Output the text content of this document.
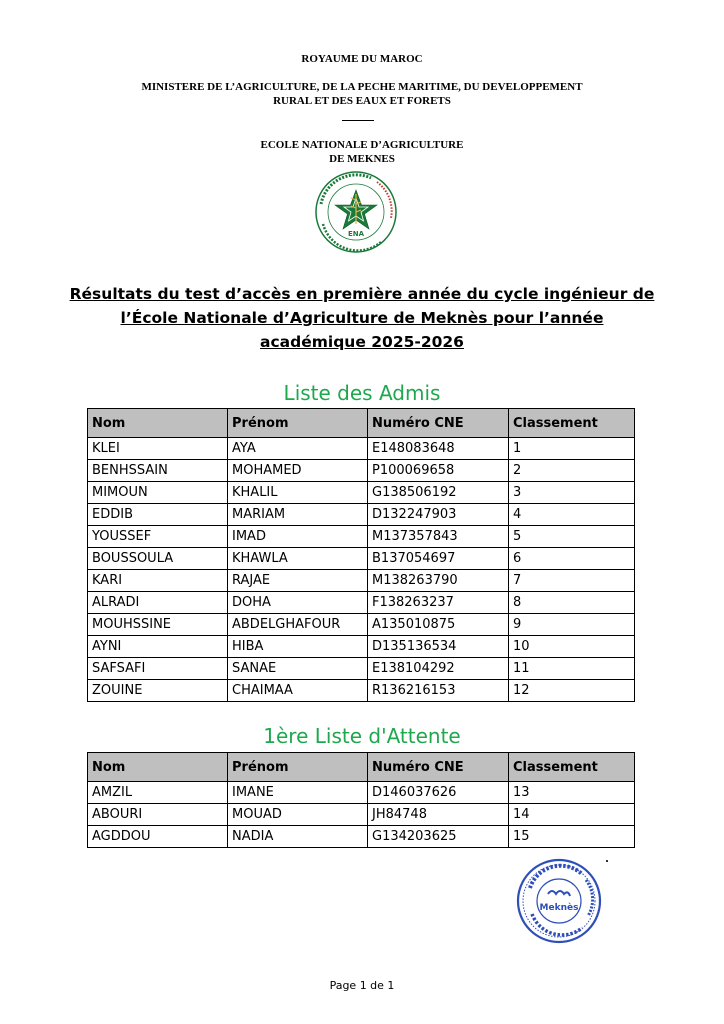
ROYAUME DU MAROC
MINISTERE DE L’AGRICULTURE, DE LA PECHE MARITIME, DU DEVELOPPEMENT
RURAL ET DES EAUX ET FORETS
ECOLE NATIONALE D’AGRICULTURE
DE MEKNES
ENA
Résultats du test d’accès en première année du cycle ingénieur de
l’École Nationale d’Agriculture de Meknès pour l’année
académique 2025-2026
Liste des Admis
Nom	Prénom	Numéro CNE	Classement
KLEI	AYA	E148083648	1
BENHSSAIN	MOHAMED	P100069658	2
MIMOUN	KHALIL	G138506192	3
EDDIB	MARIAM	D132247903	4
YOUSSEF	IMAD	M137357843	5
BOUSSOULA	KHAWLA	B137054697	6
KARI	RAJAE	M138263790	7
ALRADI	DOHA	F138263237	8
MOUHSSINE	ABDELGHAFOUR	A135010875	9
AYNI	HIBA	D135136534	10
SAFSAFI	SANAE	E138104292	11
ZOUINE	CHAIMAA	R136216153	12
1ère Liste d'Attente
Nom	Prénom	Numéro CNE	Classement
AMZIL	IMANE	D146037626	13
ABOURI	MOUAD	JH84748	14
AGDDOU	NADIA	G134203625	15
Meknès
Page 1 de 1
